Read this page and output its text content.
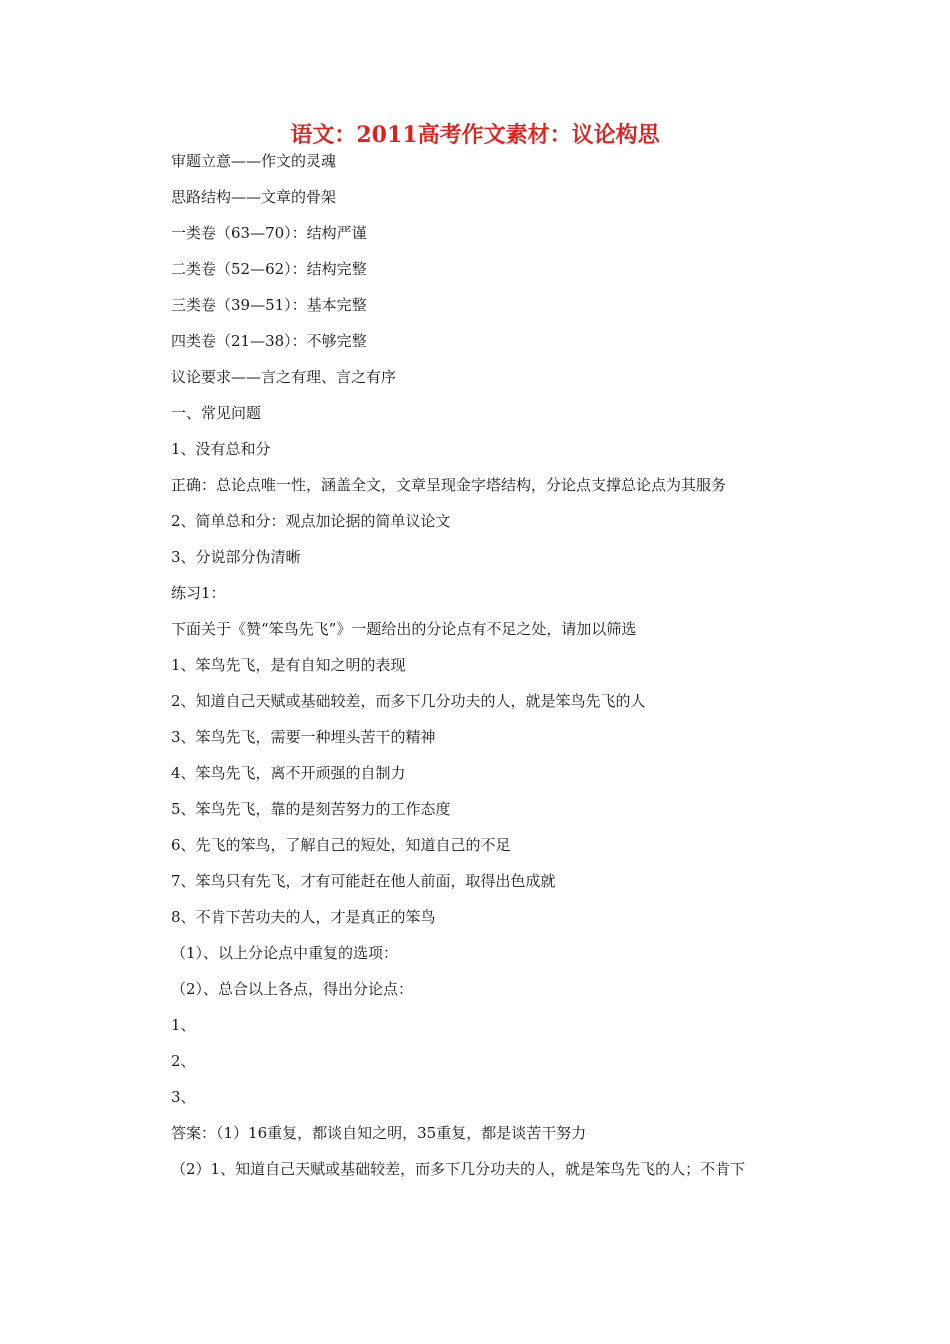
语文：2011高考作文素材：议论构思
审题立意——作文的灵魂
思路结构——文章的骨架
一类卷（63—70）：结构严谨
二类卷（52—62）：结构完整
三类卷（39—51）：基本完整
四类卷（21—38）：不够完整
议论要求——言之有理、言之有序
一、常见问题
1、没有总和分
正确：总论点唯一性，涵盖全文，文章呈现金字塔结构，分论点支撑总论点为其服务
2、简单总和分：观点加论据的简单议论文
3、分说部分伪清晰
练习1：
下面关于《赞“笨鸟先飞”》一题给出的分论点有不足之处，请加以筛选
1、笨鸟先飞，是有自知之明的表现
2、知道自己天赋或基础较差，而多下几分功夫的人，就是笨鸟先飞的人
3、笨鸟先飞，需要一种埋头苦干的精神
4、笨鸟先飞，离不开顽强的自制力
5、笨鸟先飞，靠的是刻苦努力的工作态度
6、先飞的笨鸟，了解自己的短处，知道自己的不足
7、笨鸟只有先飞，才有可能赶在他人前面，取得出色成就
8、不肯下苦功夫的人，才是真正的笨鸟
（1）、以上分论点中重复的选项：
（2）、总合以上各点，得出分论点：
1、
2、
3、
答案：（1）16重复，都谈自知之明，35重复，都是谈苦干努力
（2）1、知道自己天赋或基础较差，而多下几分功夫的人，就是笨鸟先飞的人；不肯下
